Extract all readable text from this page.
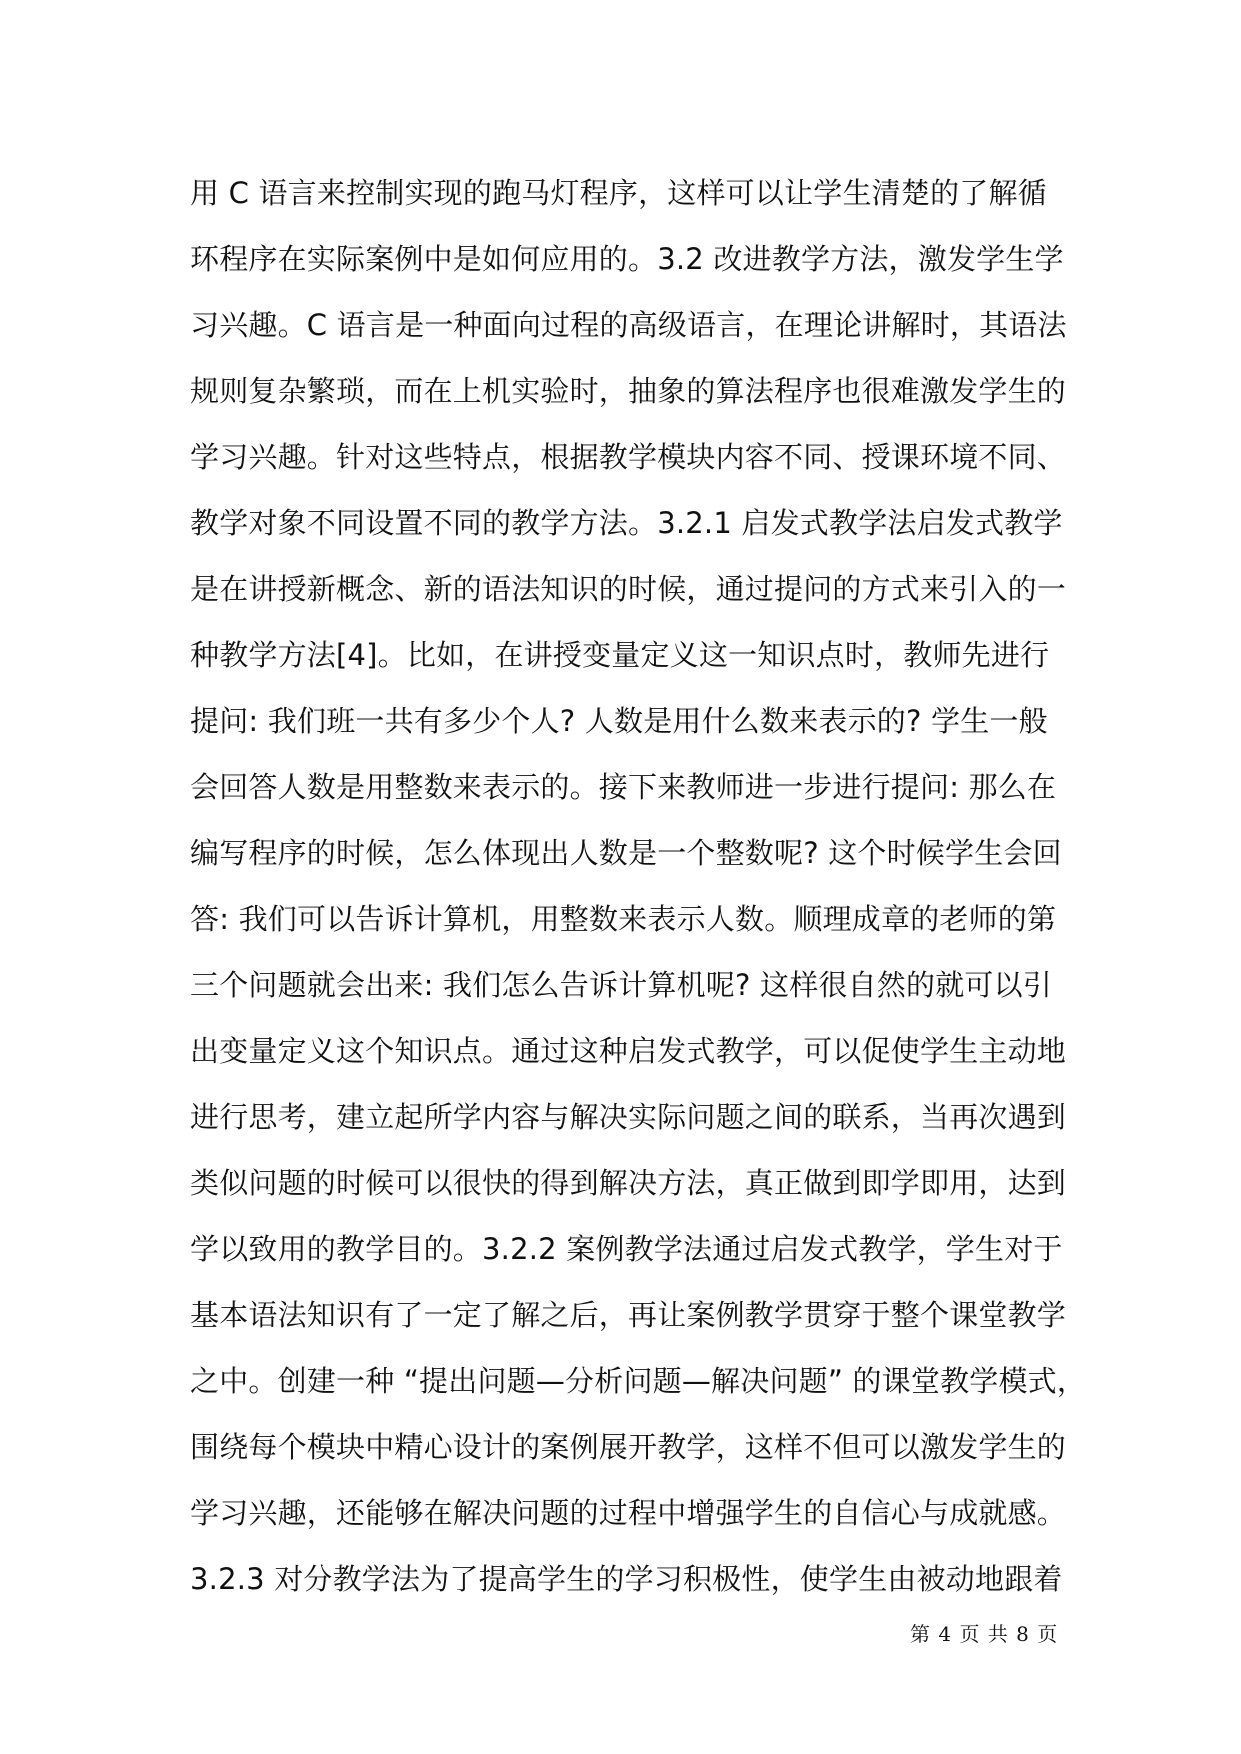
用 C 语言来控制实现的跑马灯程序，这样可以让学生清楚的了解循
环程序在实际案例中是如何应用的。3.2 改进教学方法，激发学生学
习兴趣。C 语言是一种面向过程的高级语言，在理论讲解时，其语法
规则复杂繁琐，而在上机实验时，抽象的算法程序也很难激发学生的
学习兴趣。针对这些特点，根据教学模块内容不同、授课环境不同、
教学对象不同设置不同的教学方法。3.2.1 启发式教学法启发式教学
是在讲授新概念、新的语法知识的时候，通过提问的方式来引入的一
种教学方法[4]。比如，在讲授变量定义这一知识点时，教师先进行
提问: 我们班一共有多少个人? 人数是用什么数来表示的? 学生一般
会回答人数是用整数来表示的。接下来教师进一步进行提问: 那么在
编写程序的时候，怎么体现出人数是一个整数呢? 这个时候学生会回
答: 我们可以告诉计算机，用整数来表示人数。顺理成章的老师的第
三个问题就会出来: 我们怎么告诉计算机呢? 这样很自然的就可以引
出变量定义这个知识点。通过这种启发式教学，可以促使学生主动地
进行思考，建立起所学内容与解决实际问题之间的联系，当再次遇到
类似问题的时候可以很快的得到解决方法，真正做到即学即用，达到
学以致用的教学目的。3.2.2 案例教学法通过启发式教学，学生对于
基本语法知识有了一定了解之后，再让案例教学贯穿于整个课堂教学
之中。创建一种 “提出问题—分析问题—解决问题” 的课堂教学模式，
围绕每个模块中精心设计的案例展开教学，这样不但可以激发学生的
学习兴趣，还能够在解决问题的过程中增强学生的自信心与成就感。
3.2.3 对分教学法为了提高学生的学习积极性，使学生由被动地跟着
第 4 页 共 8 页
